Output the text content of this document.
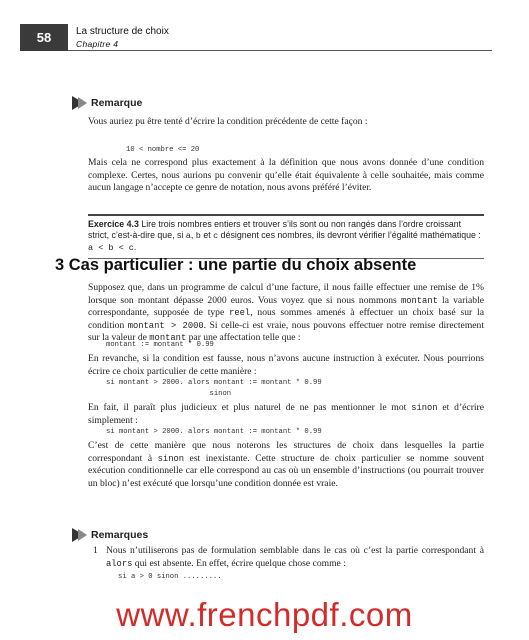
58	La structure de choix
Chapitre 4
Remarque
Vous auriez pu être tenté d’écrire la condition précédente de cette façon :
10 < nombre <= 20
Mais cela ne correspond plus exactement à la définition que nous avons donnée d’une condition complexe. Certes, nous aurions pu convenir qu’elle était équivalente à celle souhaitée, mais comme aucun langage n’accepte ce genre de notation, nous avons préféré l’éviter.
Exercice 4.3 Lire trois nombres entiers et trouver s’ils sont ou non rangés dans l’ordre croissant strict, c’est-à-dire que, si a, b et c désignent ces nombres, ils devront vérifier l’égalité mathématique : a < b < c.
3 Cas particulier : une partie du choix absente
Supposez que, dans un programme de calcul d’une facture, il nous faille effectuer une remise de 1% lorsque son montant dépasse 2000 euros. Vous voyez que si nous nommons montant la variable correspondante, supposée de type reel, nous sommes amenés à effectuer un choix basé sur la condition montant > 2000. Si celle-ci est vraie, nous pouvons effectuer notre remise directement sur la valeur de montant par une affectation telle que :
montant := montant * 0.99
En revanche, si la condition est fausse, nous n’avons aucune instruction à exécuter. Nous pourrions écrire ce choix particulier de cette manière :
si montant > 2000. alors montant := montant * 0.99
sinon
En fait, il paraît plus judicieux et plus naturel de ne pas mentionner le mot sinon et d’écrire simplement :
si montant > 2000. alors montant := montant * 0.99
C’est de cette manière que nous noterons les structures de choix dans lesquelles la partie correspondant à sinon est inexistante. Cette structure de choix particulier se nomme souvent exécution conditionnelle car elle correspond au cas où un ensemble d’instructions (ou pourrait trouver un bloc) n’est exécuté que lorsqu’une condition donnée est vraie.
Remarques
1 Nous n’utiliserons pas de formulation semblable dans le cas où c’est la partie correspondant à alors qui est absente. En effet, écrire quelque chose comme :
si a > 0 sinon .........
www.frenchpdf.com
